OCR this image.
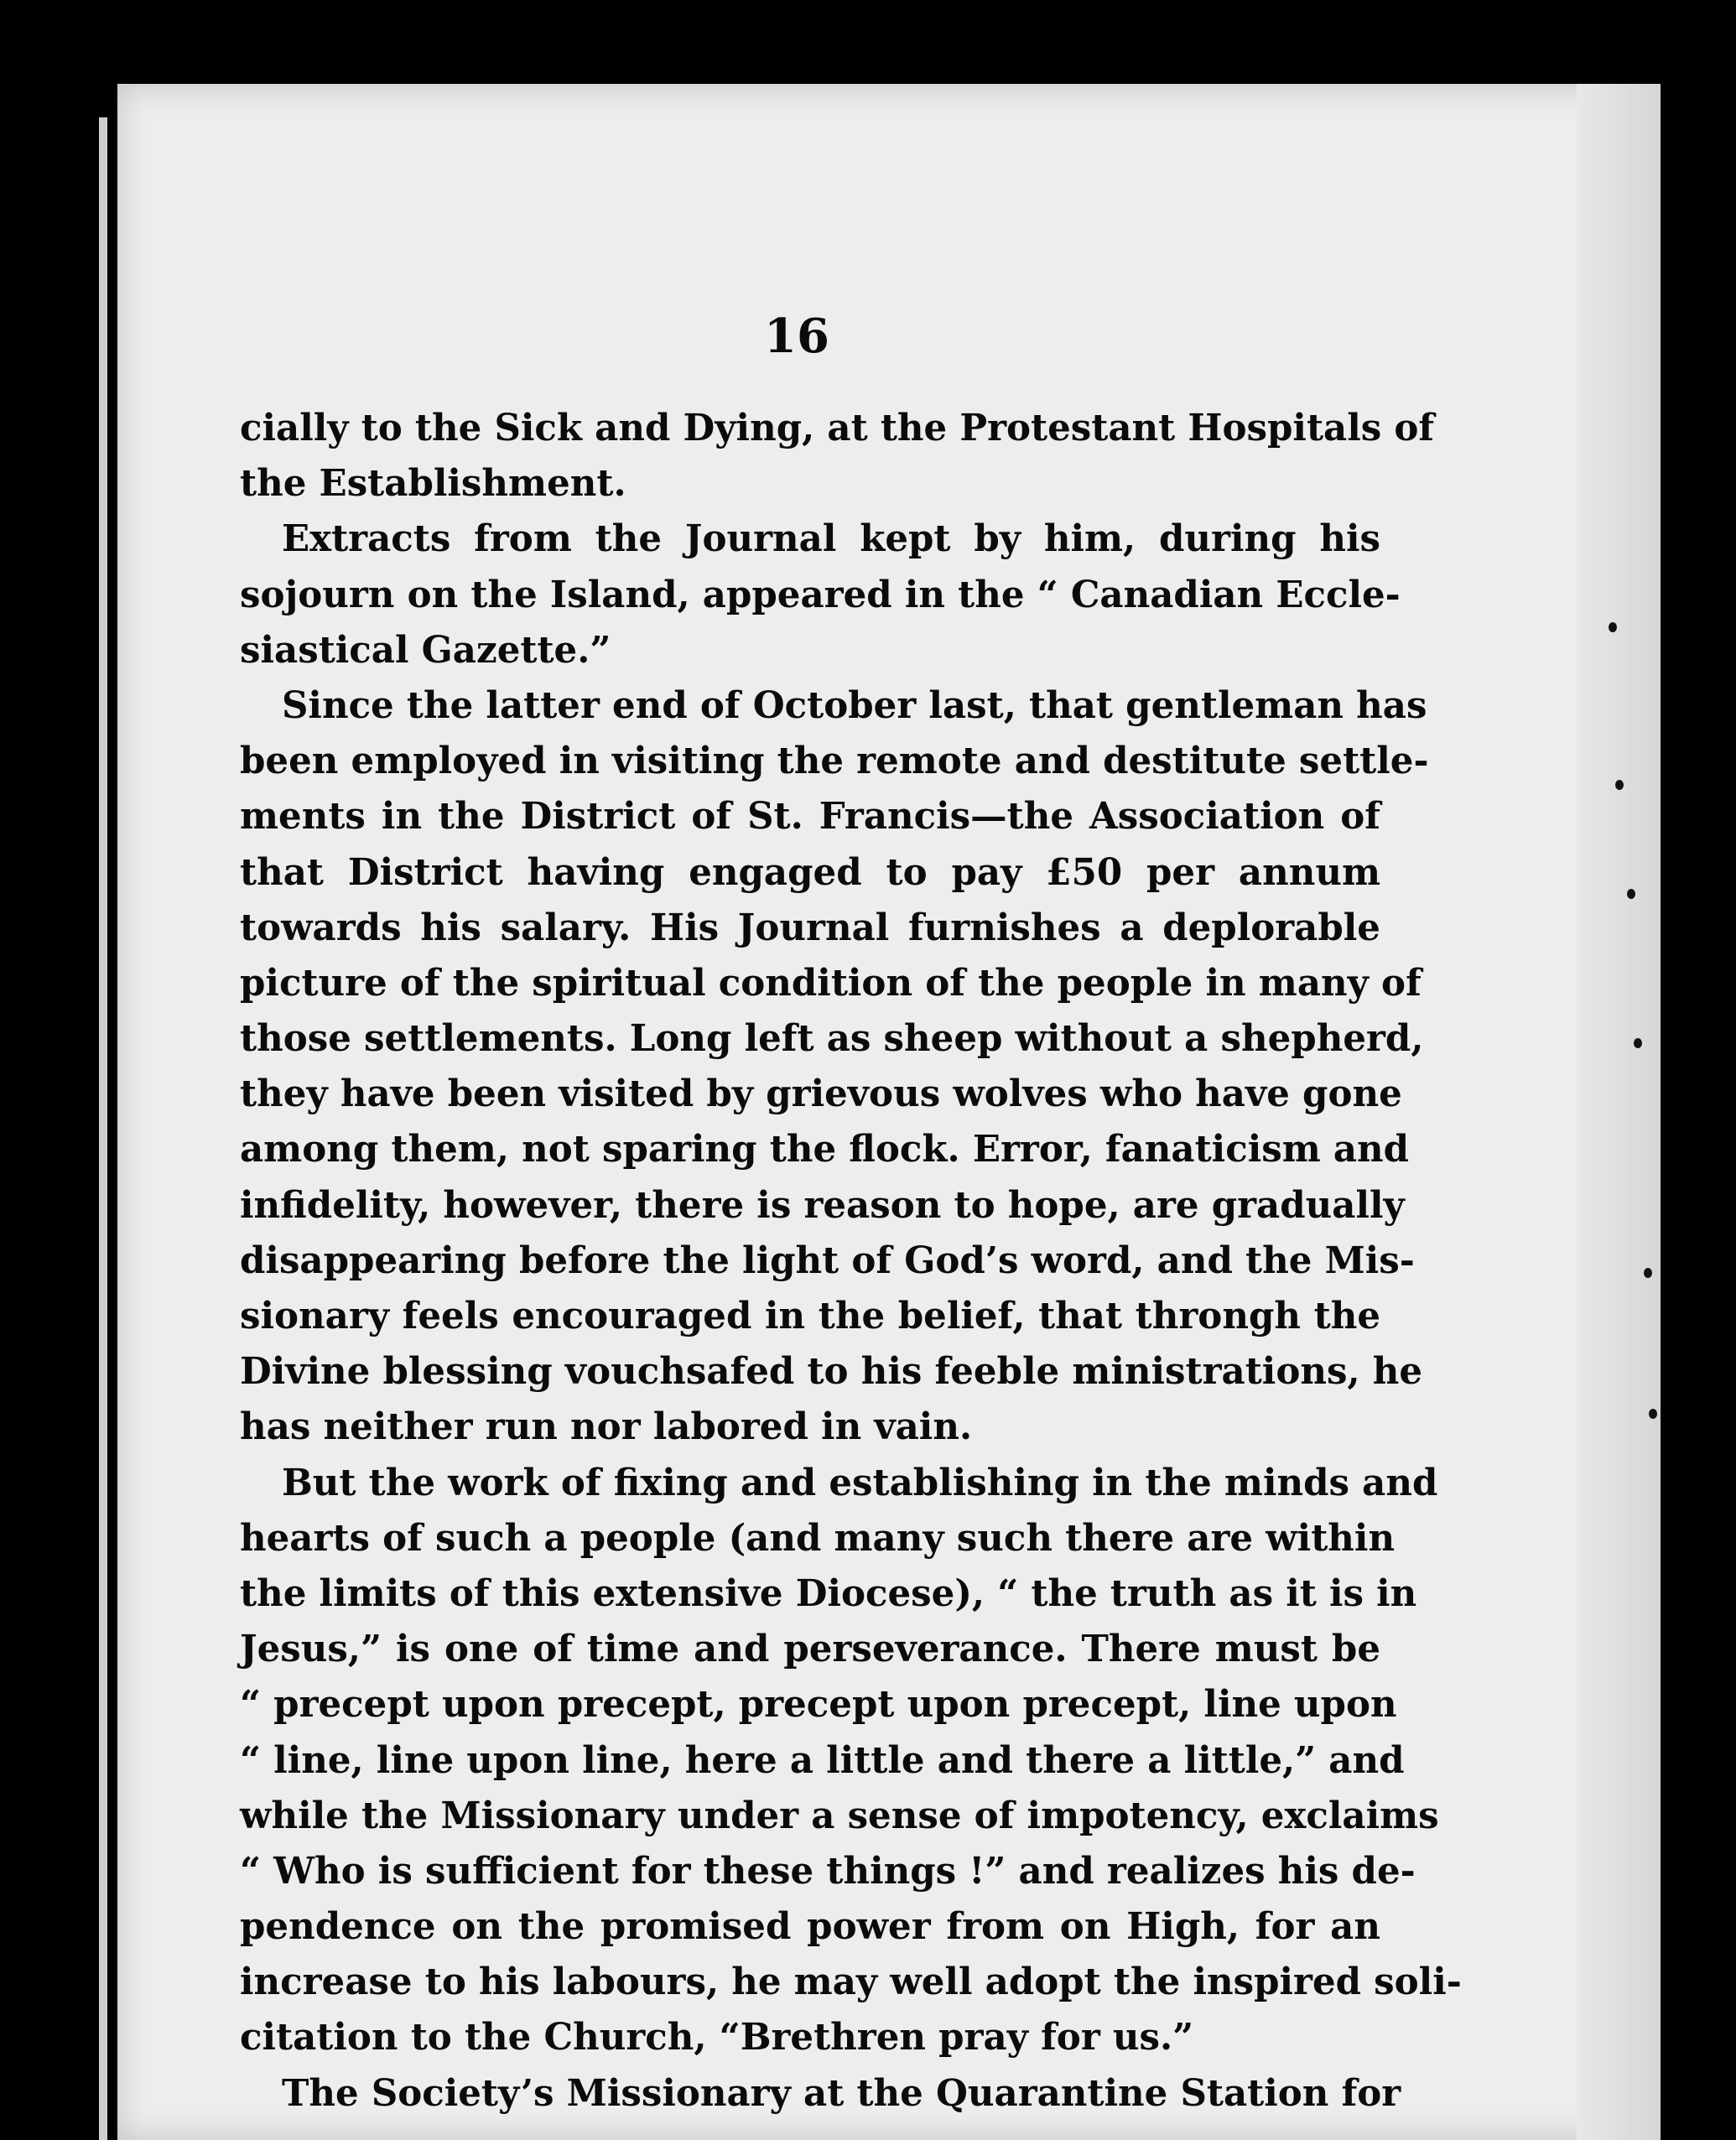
16
cially to the Sick and Dying, at the Protestant Hospitals of
the Establishment.
Extracts from the Journal kept by him, during his
sojourn on the Island, appeared in the “ Canadian Eccle-
siastical Gazette.”
Since the latter end of October last, that gentleman has
been employed in visiting the remote and destitute settle-
ments in the District of St. Francis—the Association of
that District having engaged to pay £50 per annum
towards his salary. His Journal furnishes a deplorable
picture of the spiritual condition of the people in many of
those settlements. Long left as sheep without a shepherd,
they have been visited by grievous wolves who have gone
among them, not sparing the flock. Error, fanaticism and
infidelity, however, there is reason to hope, are gradually
disappearing before the light of God’s word, and the Mis-
sionary feels encouraged in the belief, that throngh the
Divine blessing vouchsafed to his feeble ministrations, he
has neither run nor labored in vain.
But the work of fixing and establishing in the minds and
hearts of such a people (and many such there are within
the limits of this extensive Diocese), “ the truth as it is in
Jesus,” is one of time and perseverance. There must be
“ precept upon precept, precept upon precept, line upon
“ line, line upon line, here a little and there a little,” and
while the Missionary under a sense of impotency, exclaims
“ Who is sufficient for these things !” and realizes his de-
pendence on the promised power from on High, for an
increase to his labours, he may well adopt the inspired soli-
citation to the Church, “Brethren pray for us.”
The Society’s Missionary at the Quarantine Station for
